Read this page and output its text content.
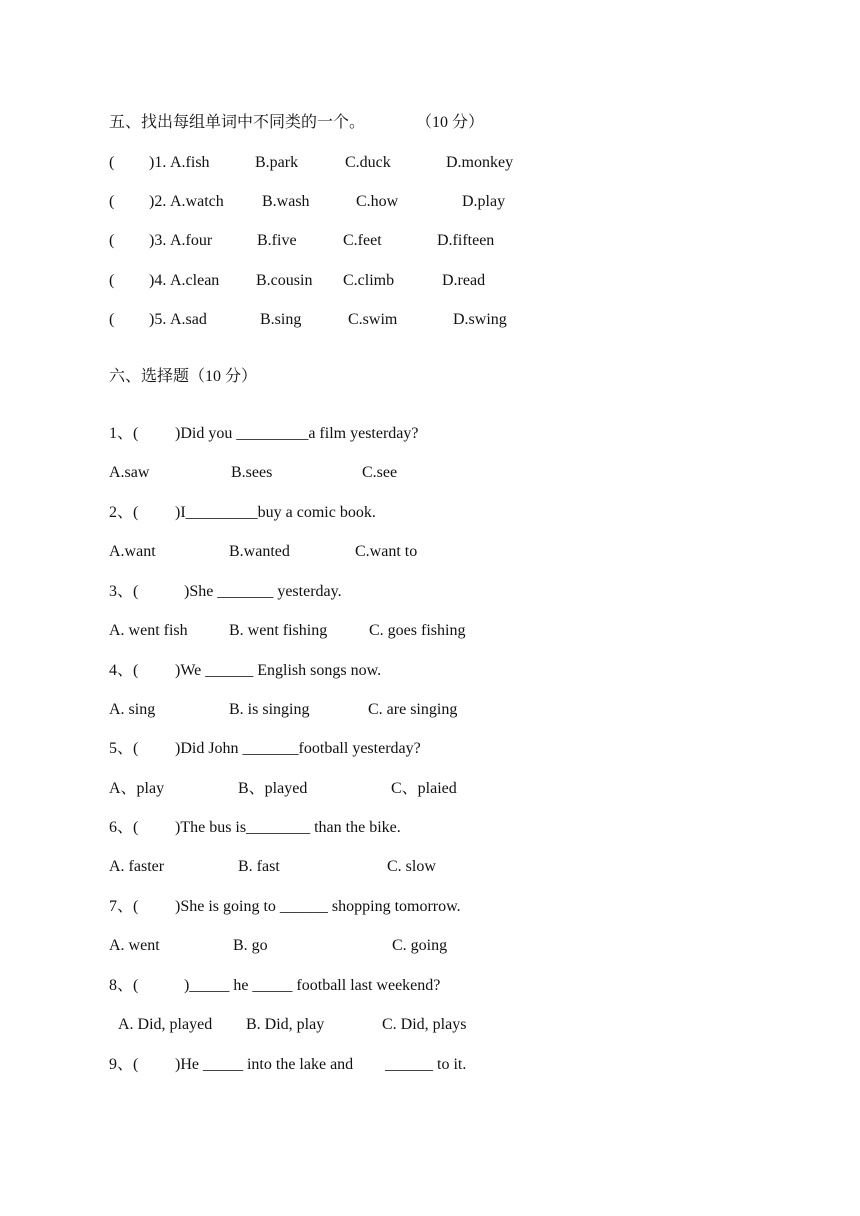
五、找出每组单词中不同类的一个。	（10 分）
( )1. A.fish	B.park	C.duck	D.monkey
( )2. A.watch B.wash	C.how	D.play
( )3. A.four	B.five	C.feet	D.fifteen
( )4. A.clean B.cousin C.climb	D.read
( )5. A.sad	B.sing	C.swim	D.swing
六、选择题（10 分）
1、( )Did you _________a film yesterday?
A.saw	B.sees	C.see
2、( )I_________buy a comic book.
A.want	B.wanted	C.want to
3、(	)She _______ yesterday.
A. went fish	B. went fishing	C. goes fishing
4、( )We ______ English songs now.
A. sing	B. is singing	C. are singing
5、( )Did John _______football yesterday?
A、play	B、played	C、plaied
6、( )The bus is________ than the bike.
A. faster	B. fast	C. slow
7、( )She is going to ______ shopping tomorrow.
A. went	B. go	C. going
8、(	)_____ he _____ football last weekend?
A. Did, played B. Did, play	C. Did, plays
9、( )He _____ into the lake and ______ to it.
